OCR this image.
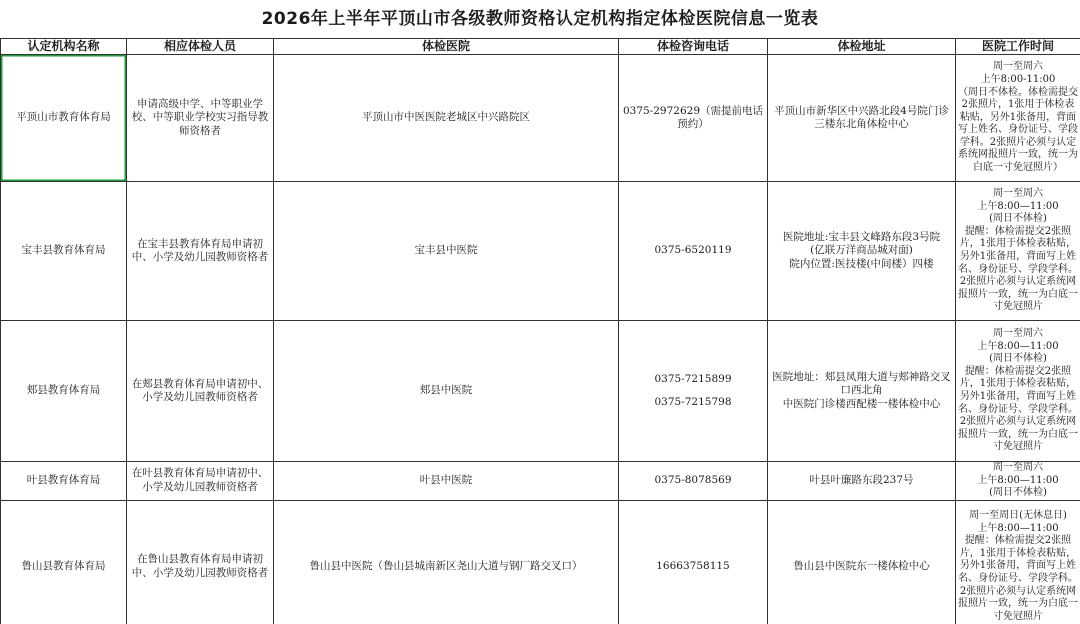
2026年上半年平顶山市各级教师资格认定机构指定体检医院信息一览表
认定机构名称	相应体检人员	体检医院	体检咨询电话	体检地址	医院工作时间
平顶山市教育体育局	申请高级中学、中等职业学校、中等职业学校实习指导教师资格者	平顶山市中医医院老城区中兴路院区	0375-2972629（需提前电话预约）	平顶山市新华区中兴路北段4号院门诊三楼东北角体检中心	周一至周六
上午8:00-11:00
（周日不体检。体检需提交2张照片，1张用于体检表粘贴，另外1张备用，背面写上姓名、身份证号、学段学科。2张照片必须与认定系统网报照片一致，统一为白底一寸免冠照片）

宝丰县教育体育局	在宝丰县教育体育局申请初中、小学及幼儿园教师资格者	宝丰县中医院	0375-6520119	医院地址:宝丰县文峰路东段3号院
(亿联万洋商品城对面)
院内位置:医技楼(中间楼）四楼	周一至周六
上午8:00—11:00
(周日不体检)
提醒：体检需提交2张照片，1张用于体检表粘贴，另外1张备用，背面写上姓名、身份证号、学段学科。2张照片必须与认定系统网报照片一致，统一为白底一寸免冠照片

郏县教育体育局	在郏县教育体育局申请初中、小学及幼儿园教师资格者	郏县中医院	0375-7215899
0375-7215798	医院地址：郏县凤翔大道与郏神路交叉口西北角
中医院门诊楼西配楼一楼体检中心	周一至周六
上午8:00—11:00
(周日不体检)
提醒：体检需提交2张照片，1张用于体检表粘贴，另外1张备用，背面写上姓名、身份证号、学段学科。2张照片必须与认定系统网报照片一致，统一为白底一寸免冠照片

叶县教育体育局	在叶县教育体育局申请初中、小学及幼儿园教师资格者	叶县中医院	0375-8078569	叶县叶廉路东段237号	周一至周六
上午8:00—11:00
(周日不体检)

鲁山县教育体育局	在鲁山县教育体育局申请初中、小学及幼儿园教师资格者	鲁山县中医院（鲁山县城南新区尧山大道与钢厂路交叉口）	16663758115	鲁山县中医院东一楼体检中心	周一至周日(无休息日)
上午8:00—11:00
提醒：体检需提交2张照片，1张用于体检表粘贴，另外1张备用，背面写上姓名、身份证号、学段学科。2张照片必须与认定系统网报照片一致，统一为白底一寸免冠照片
